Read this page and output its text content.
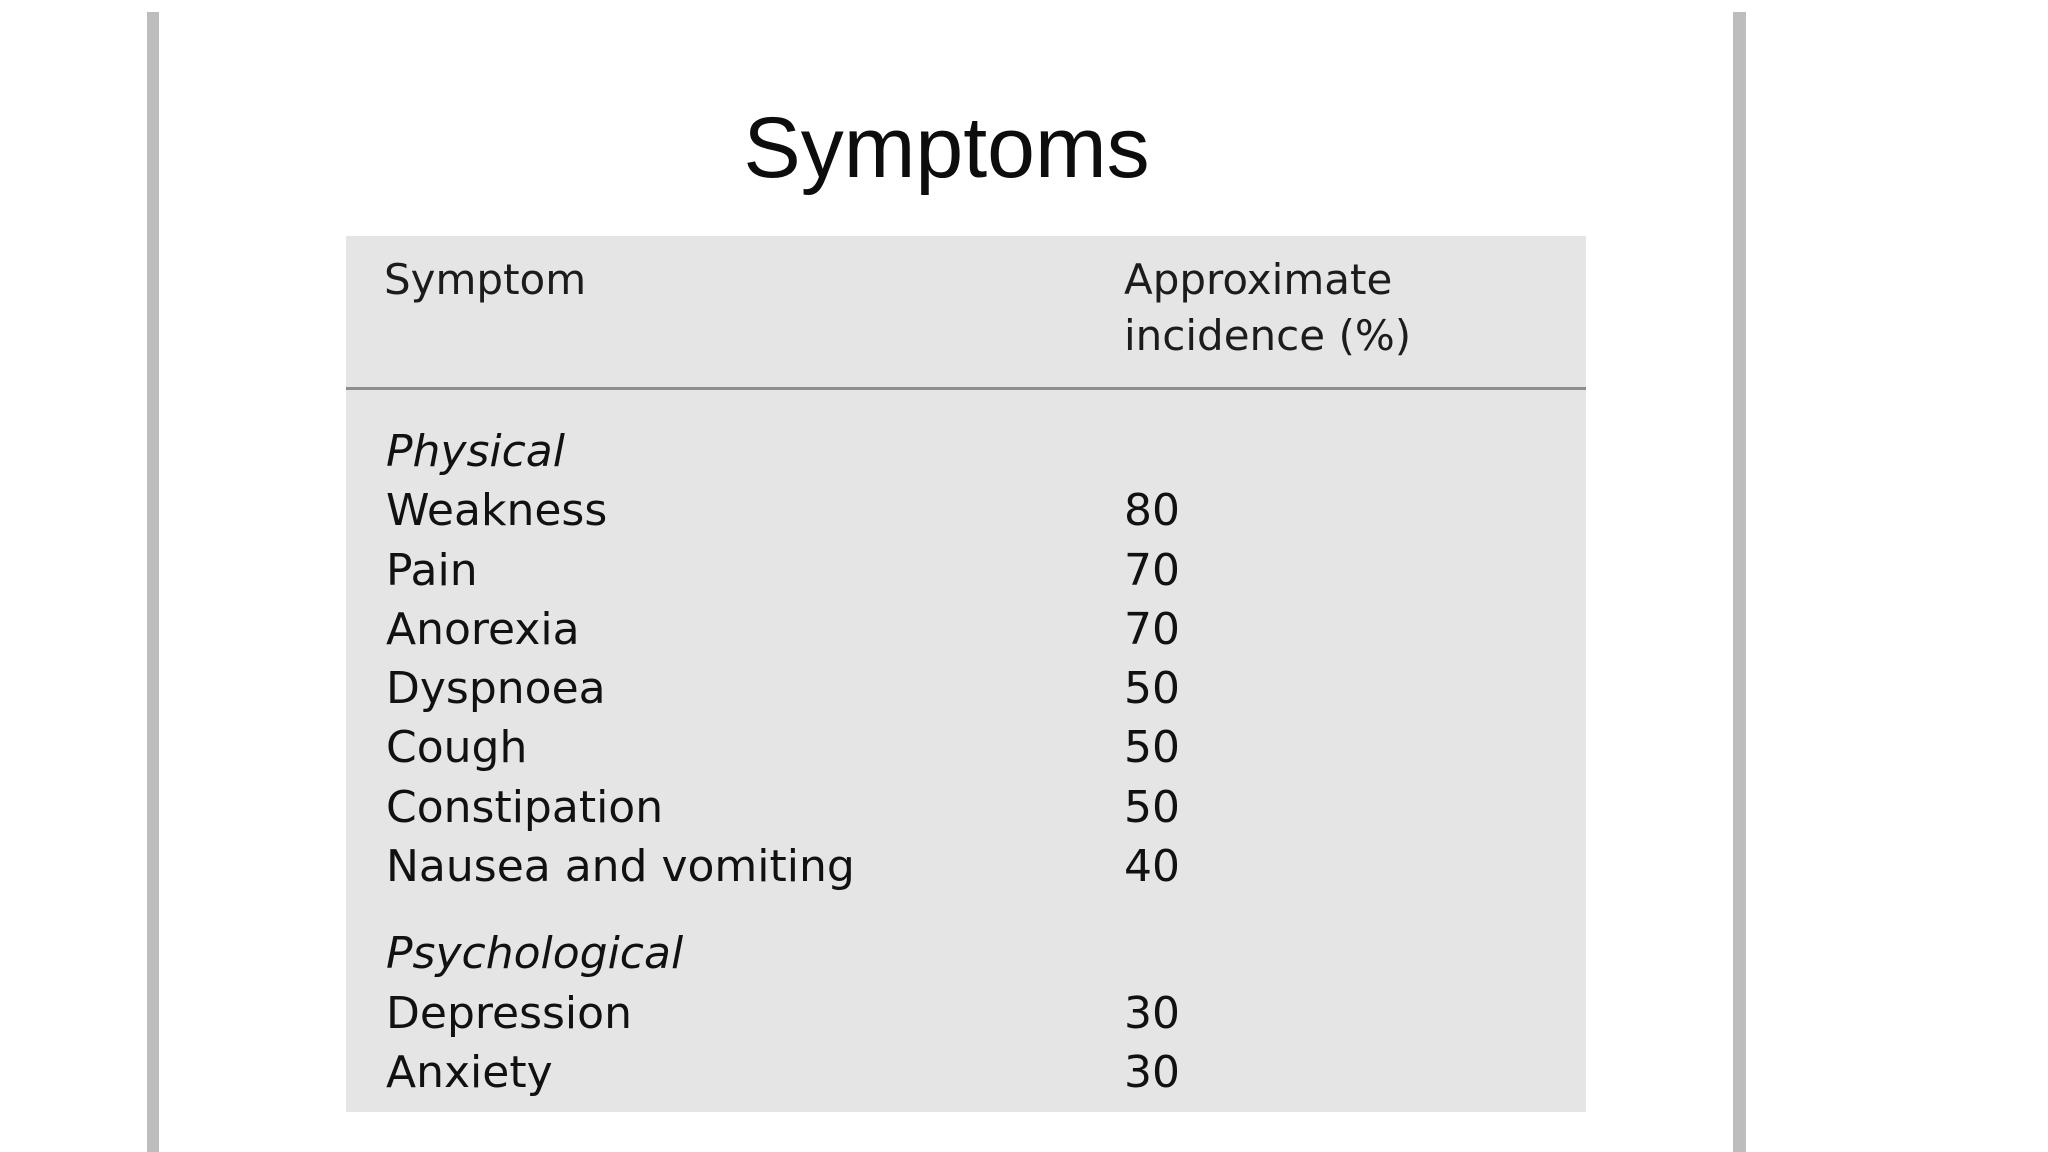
Symptoms
Symptom	Approximate
incidence (%)
Physical
Weakness	80
Pain	70
Anorexia	70
Dyspnoea	50
Cough	50
Constipation	50
Nausea and vomiting	40
Psychological
Depression	30
Anxiety	30
